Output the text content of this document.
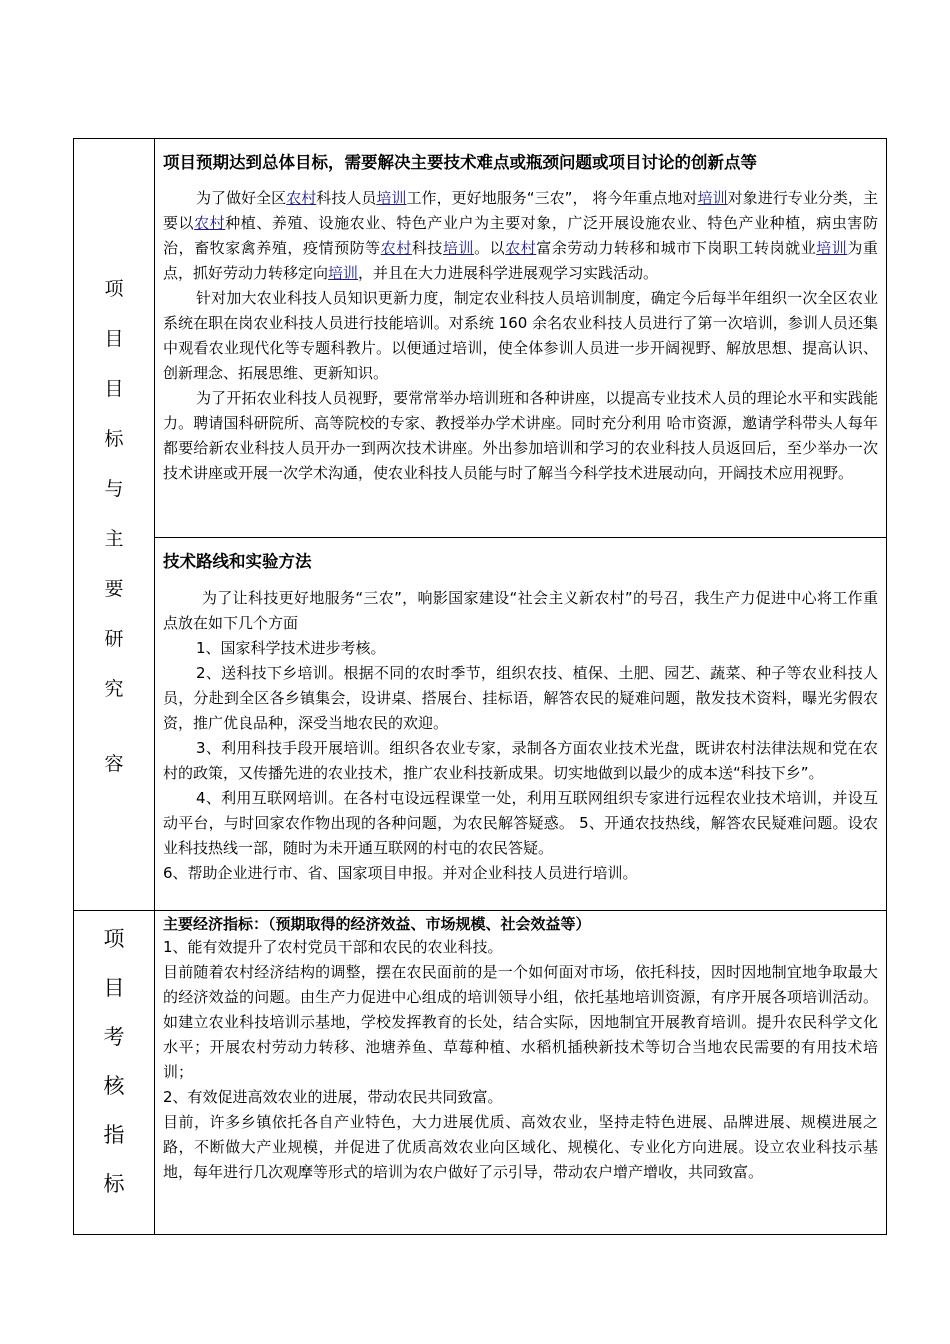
项
目
目
标
与
主
要
研
究
容
项
目
考
核
指
标

项目预期达到总体目标，需要解决主要技术难点或瓶颈问题或项目讨论的创新点等

为了做好全区农村科技人员培训工作，更好地服务“三农”， 将今年重点地对培训对象进行专业分类，主要以农村种植、养殖、设施农业、特色产业户为主要对象，广泛开展设施农业、特色产业种植，病虫害防治，畜牧家禽养殖，疫情预防等农村科技培训。以农村富余劳动力转移和城市下岗职工转岗就业培训为重点，抓好劳动力转移定向培训，并且在大力进展科学进展观学习实践活动。

针对加大农业科技人员知识更新力度，制定农业科技人员培训制度，确定今后每半年组织一次全区农业系统在职在岗农业科技人员进行技能培训。对系统 160 余名农业科技人员进行了第一次培训，参训人员还集中观看农业现代化等专题科教片。以便通过培训，使全体参训人员进一步开阔视野、解放思想、提高认识、创新理念、拓展思维、更新知识。

为了开拓农业科技人员视野，要常常举办培训班和各种讲座，以提高专业技术人员的理论水平和实践能力。聘请国科研院所、高等院校的专家、教授举办学术讲座。同时充分利用 哈市资源，邀请学科带头人每年都要给新农业科技人员开办一到两次技术讲座。外出参加培训和学习的农业科技人员返回后，至少举办一次技术讲座或开展一次学术沟通，使农业科技人员能与时了解当今科学技术进展动向，开阔技术应用视野。

技术路线和实验方法

为了让科技更好地服务“三农”，响影国家建设“社会主义新农村”的号召，我生产力促进中心将工作重点放在如下几个方面

1、国家科学技术进步考核。

2、送科技下乡培训。根据不同的农时季节，组织农技、植保、土肥、园艺、蔬菜、种子等农业科技人员，分赴到全区各乡镇集会，设讲桌、搭展台、挂标语，解答农民的疑难问题，散发技术资料，曝光劣假农资，推广优良品种，深受当地农民的欢迎。

3、利用科技手段开展培训。组织各农业专家，录制各方面农业技术光盘，既讲农村法律法规和党在农村的政策，又传播先进的农业技术，推广农业科技新成果。切实地做到以最少的成本送“科技下乡”。

4、利用互联网培训。在各村屯设远程课堂一处，利用互联网组织专家进行远程农业技术培训，并设互动平台，与时回家农作物出现的各种问题，为农民解答疑惑。 5、开通农技热线，解答农民疑难问题。设农业科技热线一部，随时为未开通互联网的村屯的农民答疑。

6、帮助企业进行市、省、国家项目申报。并对企业科技人员进行培训。

主要经济指标：（预期取得的经济效益、市场规模、社会效益等）

1、能有效提升了农村党员干部和农民的农业科技。

目前随着农村经济结构的调整，摆在农民面前的是一个如何面对市场，依托科技，因时因地制宜地争取最大的经济效益的问题。由生产力促进中心组成的培训领导小组，依托基地培训资源，有序开展各项培训活动。如建立农业科技培训示基地，学校发挥教育的长处，结合实际，因地制宜开展教育培训。提升农民科学文化水平；开展农村劳动力转移、池塘养鱼、草莓种植、水稻机插秧新技术等切合当地农民需要的有用技术培训；

2、有效促进高效农业的进展，带动农民共同致富。

目前，许多乡镇依托各自产业特色，大力进展优质、高效农业，坚持走特色进展、品牌进展、规模进展之路，不断做大产业规模，并促进了优质高效农业向区域化、规模化、专业化方向进展。设立农业科技示基地，每年进行几次观摩等形式的培训为农户做好了示引导，带动农户增产增收，共同致富。
